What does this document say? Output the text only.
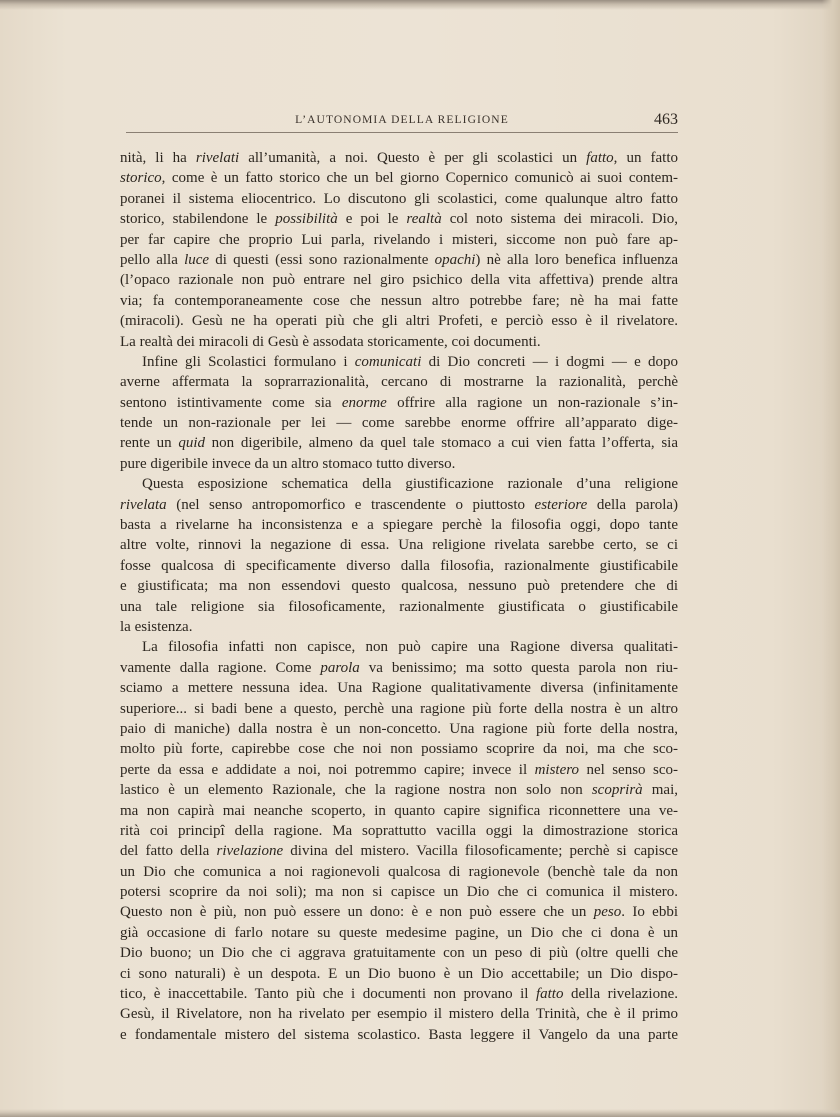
L’AUTONOMIA DELLA RELIGIONE	463
nità, li ha rivelati all’umanità, a noi. Questo è per gli scolastici un fatto, un fatto
storico, come è un fatto storico che un bel giorno Copernico comunicò ai suoi contem-
poranei il sistema eliocentrico. Lo discutono gli scolastici, come qualunque altro fatto
storico, stabilendone le possibilità e poi le realtà col noto sistema dei miracoli. Dio,
per far capire che proprio Lui parla, rivelando i misteri, siccome non può fare ap-
pello alla luce di questi (essi sono razionalmente opachi) nè alla loro benefica influenza
(l’opaco razionale non può entrare nel giro psichico della vita affettiva) prende altra
via; fa contemporaneamente cose che nessun altro potrebbe fare; nè ha mai fatte
(miracoli). Gesù ne ha operati più che gli altri Profeti, e perciò esso è il rivelatore.
La realtà dei miracoli di Gesù è assodata storicamente, coi documenti.
Infine gli Scolastici formulano i comunicati di Dio concreti — i dogmi — e dopo
averne affermata la soprarrazionalità, cercano di mostrarne la razionalità, perchè
sentono istintivamente come sia enorme offrire alla ragione un non-razionale s’in-
tende un non-razionale per lei — come sarebbe enorme offrire all’apparato dige-
rente un quid non digeribile, almeno da quel tale stomaco a cui vien fatta l’offerta, sia
pure digeribile invece da un altro stomaco tutto diverso.
Questa esposizione schematica della giustificazione razionale d’una religione
rivelata (nel senso antropomorfico e trascendente o piuttosto esteriore della parola)
basta a rivelarne ha inconsistenza e a spiegare perchè la filosofia oggi, dopo tante
altre volte, rinnovi la negazione di essa. Una religione rivelata sarebbe certo, se ci
fosse qualcosa di specificamente diverso dalla filosofia, razionalmente giustificabile
e giustificata; ma non essendovi questo qualcosa, nessuno può pretendere che di
una tale religione sia filosoficamente, razionalmente giustificata o giustificabile
la esistenza.
La filosofia infatti non capisce, non può capire una Ragione diversa qualitati-
vamente dalla ragione. Come parola va benissimo; ma sotto questa parola non riu-
sciamo a mettere nessuna idea. Una Ragione qualitativamente diversa (infinitamente
superiore... si badi bene a questo, perchè una ragione più forte della nostra è un altro
paio di maniche) dalla nostra è un non-concetto. Una ragione più forte della nostra,
molto più forte, capirebbe cose che noi non possiamo scoprire da noi, ma che sco-
perte da essa e addidate a noi, noi potremmo capire; invece il mistero nel senso sco-
lastico è un elemento Razionale, che la ragione nostra non solo non scoprirà mai,
ma non capirà mai neanche scoperto, in quanto capire significa riconnettere una ve-
rità coi principî della ragione. Ma soprattutto vacilla oggi la dimostrazione storica
del fatto della rivelazione divina del mistero. Vacilla filosoficamente; perchè si capisce
un Dio che comunica a noi ragionevoli qualcosa di ragionevole (benchè tale da non
potersi scoprire da noi soli); ma non si capisce un Dio che ci comunica il mistero.
Questo non è più, non può essere un dono: è e non può essere che un peso. Io ebbi
già occasione di farlo notare su queste medesime pagine, un Dio che ci dona è un
Dio buono; un Dio che ci aggrava gratuitamente con un peso di più (oltre quelli che
ci sono naturali) è un despota. E un Dio buono è un Dio accettabile; un Dio dispo-
tico, è inaccettabile. Tanto più che i documenti non provano il fatto della rivelazione.
Gesù, il Rivelatore, non ha rivelato per esempio il mistero della Trinità, che è il primo
e fondamentale mistero del sistema scolastico. Basta leggere il Vangelo da una parte
